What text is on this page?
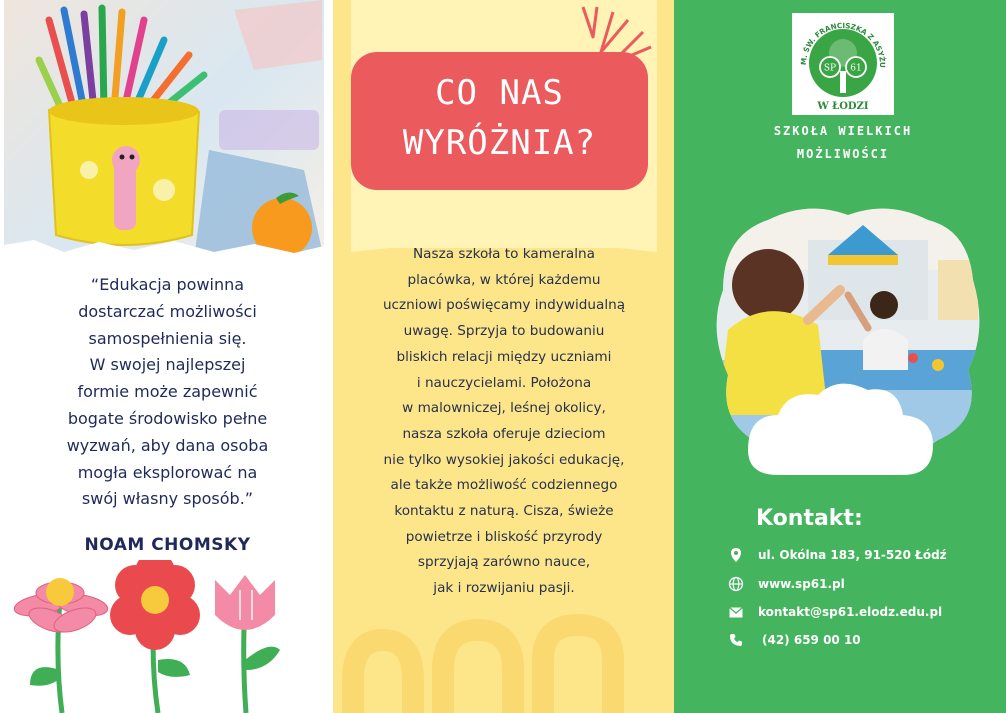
“Edukacja powinna
dostarczać możliwości
samospełnienia się.
W swojej najlepszej
formie może zapewnić
bogate środowisko pełne
wyzwań, aby dana osoba
mogła eksplorować na
swój własny sposób.”
NOAM CHOMSKY
CO NAS
WYRÓŻNIA?
Nasza szkoła to kameralna
placówka, w której każdemu
uczniowi poświęcamy indywidualną
uwagę. Sprzyja to budowaniu
bliskich relacji między uczniami
i nauczycielami. Położona
w malowniczej, leśnej okolicy,
nasza szkoła oferuje dzieciom
nie tylko wysokiej jakości edukację,
ale także możliwość codziennego
kontaktu z naturą. Cisza, świeże
powietrze i bliskość przyrody
sprzyjają zarówno nauce,
jak i rozwijaniu pasji.
M. ŚW. FRANCISZKA Z ASYŻU
SP 61
W ŁODZI
SZKOŁA WIELKICH
MOŻLIWOŚCI
Kontakt:
ul. Okólna 183, 91-520 Łódź
www.sp61.pl
kontakt@sp61.elodz.edu.pl
(42) 659 00 10
